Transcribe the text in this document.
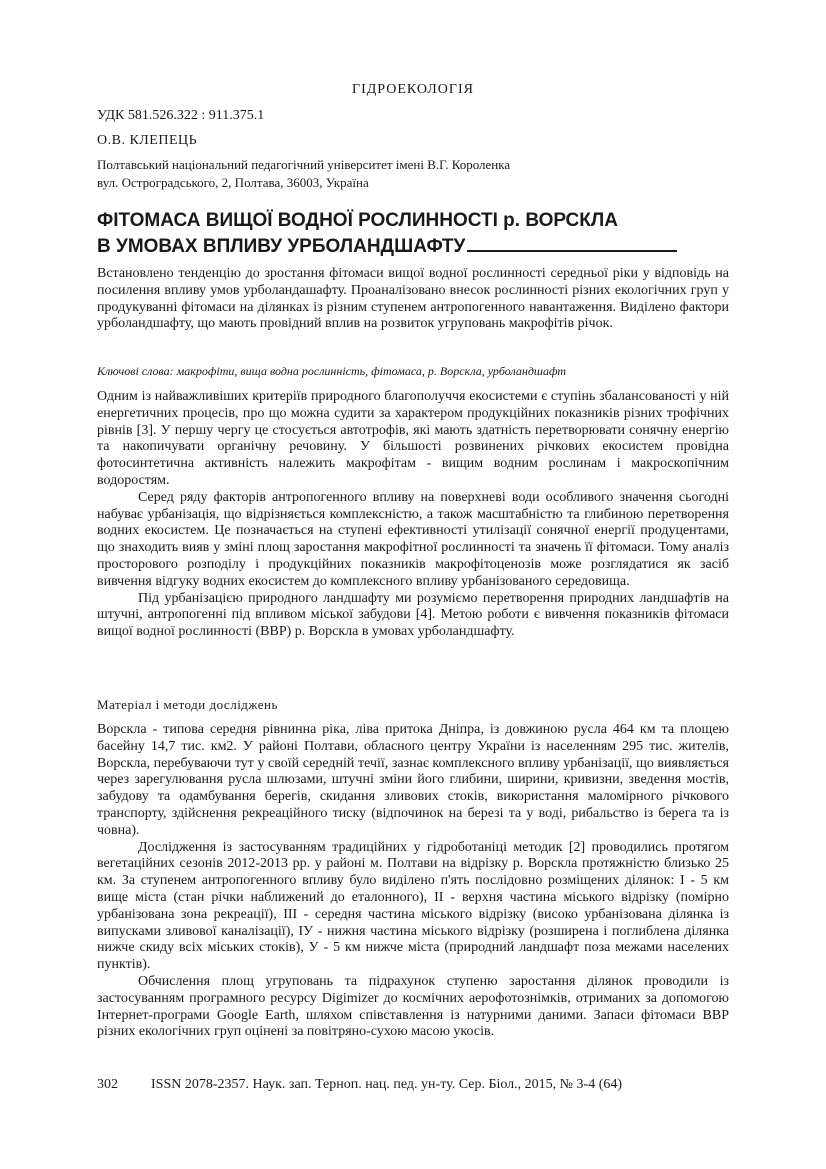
ГІДРОЕКОЛОГІЯ
УДК 581.526.322 : 911.375.1
О.В. КЛЕПЕЦЬ
Полтавський національний педагогічний університет імені В.Г. Короленка
вул. Остроградського, 2, Полтава, 36003, Україна
ФІТОМАСА ВИЩОЇ ВОДНОЇ РОСЛИННОСТІ р. ВОРСКЛА
В УМОВАХ ВПЛИВУ УРБОЛАНДШАФТУ

Встановлено тенденцію до зростання фітомаси вищої водної рослинності середньої ріки у відповідь на посилення впливу умов урболандашафту. Проаналізовано внесок рослинності різних екологічних груп у продукуванні фітомаси на ділянках із різним ступенем антропогенного навантаження. Виділено фактори урболандшафту, що мають провідний вплив на розвиток угруповань макрофітів річок.

Ключові слова: макрофіти, вища водна рослинність, фітомаса, р. Ворскла, урболандшафт

Одним із найважливіших критеріїв природного благополуччя екосистеми є ступінь збалансованості у ній енергетичних процесів, про що можна судити за характером продукційних показників різних трофічних рівнів [3]. У першу чергу це стосується автотрофів, які мають здатність перетворювати сонячну енергію та накопичувати органічну речовину. У більшості розвинених річкових екосистем провідна фотосинтетична активність належить макрофітам - вищим водним рослинам і макроскопічним водоростям.

Серед ряду факторів антропогенного впливу на поверхневі води особливого значення сьогодні набуває урбанізація, що відрізняється комплексністю, а також масштабністю та глибиною перетворення водних екосистем. Це позначається на ступені ефективності утилізації сонячної енергії продуцентами, що знаходить вияв у зміні площ заростання макрофітної рослинності та значень її фітомаси. Тому аналіз просторового розподілу і продукційних показників макрофітоценозів може розглядатися як засіб вивчення відгуку водних екосистем до комплексного впливу урбанізованого середовища.

Під урбанізацією природного ландшафту ми розуміємо перетворення природних ландшафтів на штучні, антропогенні під впливом міської забудови [4]. Метою роботи є вивчення показників фітомаси вищої водної рослинності (ВВР) р. Ворскла в умовах урболандшафту.

Матеріал і методи досліджень

Ворскла - типова середня рівнинна ріка, ліва притока Дніпра, із довжиною русла 464 км та площею басейну 14,7 тис. км2. У районі Полтави, обласного центру України із населенням 295 тис. жителів, Ворскла, перебуваючи тут у своїй середній течії, зазнає комплексного впливу урбанізації, що виявляється через зарегулювання русла шлюзами, штучні зміни його глибини, ширини, кривизни, зведення мостів, забудову та одамбування берегів, скидання зливових стоків, використання маломірного річкового транспорту, здійснення рекреаційного тиску (відпочинок на березі та у воді, рибальство із берега та із човна).

Дослідження із застосуванням традиційних у гідроботаніці методик [2] проводились протягом вегетаційних сезонів 2012-2013 рр. у районі м. Полтави на відрізку р. Ворскла протяжністю близько 25 км. За ступенем антропогенного впливу було виділено п'ять послідовно розміщених ділянок: І - 5 км вище міста (стан річки наближений до еталонного), ІІ - верхня частина міського відрізку (помірно урбанізована зона рекреації), ІІІ - середня частина міського відрізку (високо урбанізована ділянка із випусками зливової каналізації), ІУ - нижня частина міського відрізку (розширена і поглиблена ділянка нижче скиду всіх міських стоків), У - 5 км нижче міста (природний ландшафт поза межами населених пунктів).

Обчислення площ угруповань та підрахунок ступеню заростання ділянок проводили із застосуванням програмного ресурсу Digimizer до космічних аерофотознімків, отриманих за допомогою Інтернет-програми Google Earth, шляхом співставлення із натурними даними. Запаси фітомаси ВВР різних екологічних груп оцінені за повітряно-сухою масою укосів.

302 ISSN 2078-2357. Наук. зап. Терноп. нац. пед. ун-ту. Сер. Біол., 2015, № 3-4 (64)
